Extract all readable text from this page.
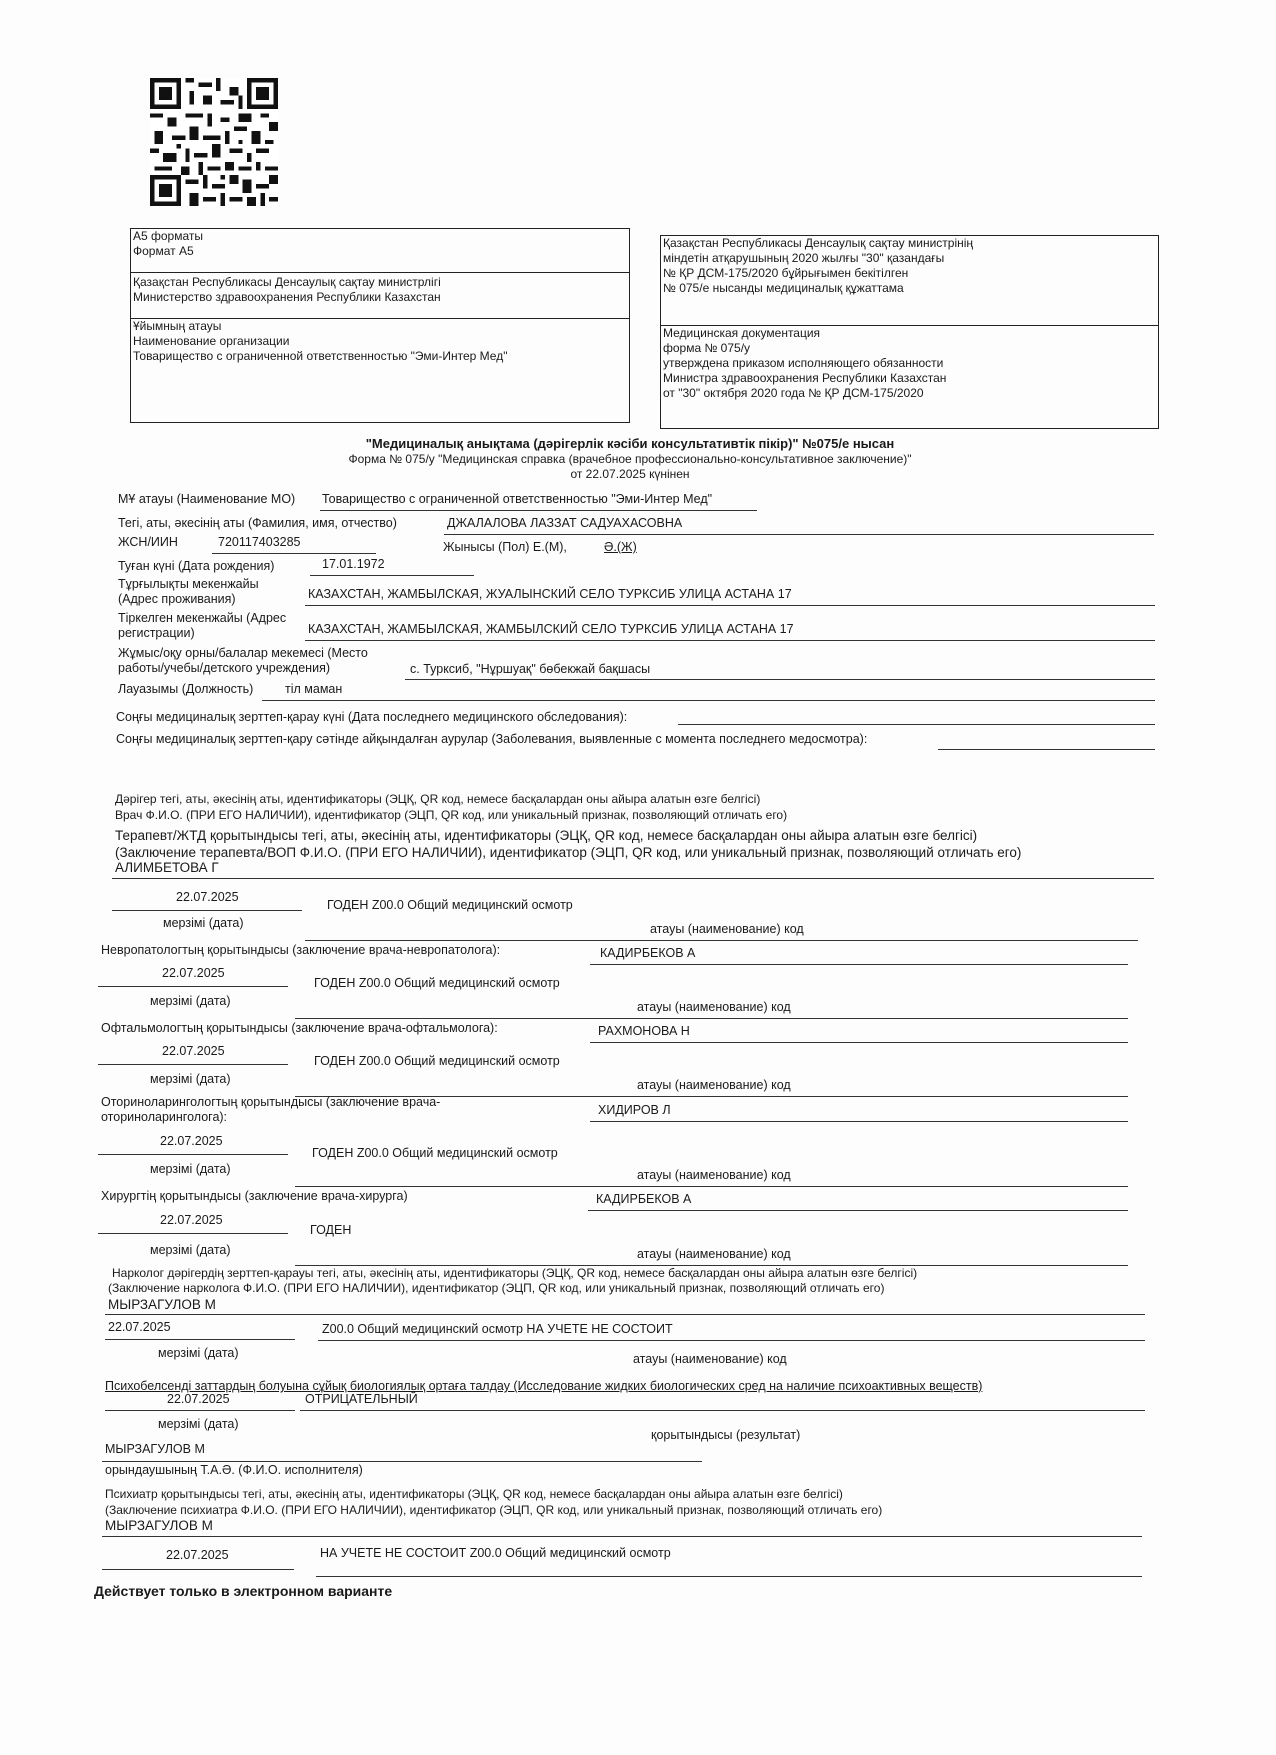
А5 форматы
Формат А5
Қазақстан Республикасы Денсаулық сақтау министрлігі
Министерство здравоохранения Республики Казахстан
Ұйымның атауы
Наименование организации
Товарищество с ограниченной ответственностью "Эми-Интер Мед"
Қазақстан Республикасы Денсаулық сақтау министрінің
міндетін атқарушының 2020 жылғы "30" қазандағы
№ ҚР ДСМ-175/2020 бұйрығымен бекітілген
№ 075/е нысанды медициналық құжаттама
Медицинская документация
форма № 075/у
утверждена приказом исполняющего обязанности
Министра здравоохранения Республики Казахстан
от "30" октября 2020 года № ҚР ДСМ-175/2020
"Медициналық анықтама (дәрігерлік кәсіби консультативтік пікір)" №075/е нысан
Форма № 075/у "Медицинская справка (врачебное профессионально-консультативное заключение)"
от 22.07.2025 күнінен
МҰ атауы (Наименование МО) Товарищество с ограниченной ответственностью "Эми-Интер Мед"
Тегі, аты, әкесінің аты (Фамилия, имя, отчество)	ДЖАЛАЛОВА ЛАЗЗАТ САДУАХАСОВНА
ЖСН/ИИН	720117403285	Жынысы (Пол) Е.(М),	Ә.(Ж)
Туған күні (Дата рождения)	17.01.1972
Тұрғылықты мекенжайы
(Адрес проживания)	КАЗАХСТАН, ЖАМБЫЛСКАЯ, ЖУАЛЫНСКИЙ СЕЛО ТУРКСИБ УЛИЦА АСТАНА 17
Тіркелген мекенжайы (Адрес
регистрации)	КАЗАХСТАН, ЖАМБЫЛСКАЯ, ЖАМБЫЛСКИЙ СЕЛО ТУРКСИБ УЛИЦА АСТАНА 17
Жұмыс/оқу орны/балалар мекемесі (Место
работы/учебы/детского учреждения)	с. Турксиб, "Нұршуақ" бөбекжай бақшасы
Лауазымы (Должность)	тіл маман
Соңғы медициналық зерттеп-қарау күні (Дата последнего медицинского обследования):
Соңғы медициналық зерттеп-қару сәтінде айқындалған аурулар (Заболевания, выявленные с момента последнего медосмотра):
Дәрігер тегі, аты, әкесінің аты, идентификаторы (ЭЦҚ, QR код, немесе басқалардан оны айыра алатын өзге белгісі)
Врач Ф.И.О. (ПРИ ЕГО НАЛИЧИИ), идентификатор (ЭЦП, QR код, или уникальный признак, позволяющий отличать его)
Терапевт/ЖТД қорытындысы тегі, аты, әкесінің аты, идентификаторы (ЭЦҚ, QR код, немесе басқалардан оны айыра алатын өзге белгісі)
(Заключение терапевта/ВОП Ф.И.О. (ПРИ ЕГО НАЛИЧИИ), идентификатор (ЭЦП, QR код, или уникальный признак, позволяющий отличать его)
АЛИМБЕТОВА Г
22.07.2025
ГОДЕН Z00.0 Общий медицинский осмотр
мерзімі (дата)	атауы (наименование) код
Невропатологтың қорытындысы (заключение врача-невропатолога):	КАДИРБЕКОВ А
22.07.2025
ГОДЕН Z00.0 Общий медицинский осмотр
мерзімі (дата)	атауы (наименование) код
Офтальмологтың қорытындысы (заключение врача-офтальмолога):	РАХМОНОВА Н
22.07.2025
ГОДЕН Z00.0 Общий медицинский осмотр
мерзімі (дата)	атауы (наименование) код
Оториноларингологтың қорытындысы (заключение врача-
оториноларинголога):	ХИДИРОВ Л
22.07.2025
ГОДЕН Z00.0 Общий медицинский осмотр
мерзімі (дата)	атауы (наименование) код
Хирургтің қорытындысы (заключение врача-хирурга)	КАДИРБЕКОВ А
22.07.2025
ГОДЕН
мерзімі (дата)	атауы (наименование) код
Нарколог дәрігердің зерттеп-қарауы тегі, аты, әкесінің аты, идентификаторы (ЭЦҚ, QR код, немесе басқалардан оны айыра алатын өзге белгісі)
(Заключение нарколога Ф.И.О. (ПРИ ЕГО НАЛИЧИИ), идентификатор (ЭЦП, QR код, или уникальный признак, позволяющий отличать его)
МЫРЗАГУЛОВ М
22.07.2025	Z00.0 Общий медицинский осмотр НА УЧЕТЕ НЕ СОСТОИТ
мерзімі (дата)	атауы (наименование) код
Психобелсенді заттардың болуына сұйық биологиялық ортаға талдау (Исследование жидких биологических сред на наличие психоактивных веществ)
22.07.2025	ОТРИЦАТЕЛЬНЫЙ
мерзімі (дата)
қорытындысы (результат)
МЫРЗАГУЛОВ М
орындаушының Т.А.Ә. (Ф.И.О. исполнителя)
Психиатр қорытындысы тегі, аты, әкесінің аты, идентификаторы (ЭЦҚ, QR код, немесе басқалардан оны айыра алатын өзге белгісі)
(Заключение психиатра Ф.И.О. (ПРИ ЕГО НАЛИЧИИ), идентификатор (ЭЦП, QR код, или уникальный признак, позволяющий отличать его)
МЫРЗАГУЛОВ М
22.07.2025	НА УЧЕТЕ НЕ СОСТОИТ Z00.0 Общий медицинский осмотр
Действует только в электронном варианте
